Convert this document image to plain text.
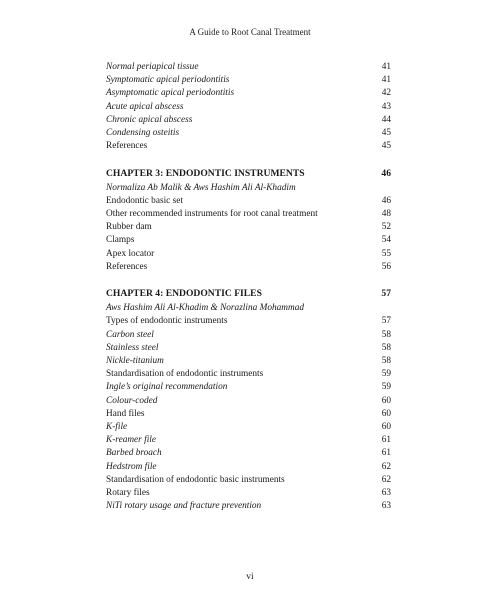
A Guide to Root Canal Treatment
Normal periapical tissue	41
Symptomatic apical periodontitis	41
Asymptomatic apical periodontitis	42
Acute apical abscess	43
Chronic apical abscess	44
Condensing osteitis	45
References	45
CHAPTER 3: ENDODONTIC INSTRUMENTS	46
Normaliza Ab Malik & Aws Hashim Ali Al-Khadim
Endodontic basic set	46
Other recommended instruments for root canal treatment	48
Rubber dam	52
Clamps	54
Apex locator	55
References	56
CHAPTER 4: ENDODONTIC FILES	57
Aws Hashim Ali Al-Khadim & Norazlina Mohammad
Types of endodontic instruments	57
Carbon steel	58
Stainless steel	58
Nickle-titanium	58
Standardisation of endodontic instruments	59
Ingle’s original recommendation	59
Colour-coded	60
Hand files	60
K-file	60
K-reamer file	61
Barbed broach	61
Hedstrom file	62
Standardisation of endodontic basic instruments	62
Rotary files	63
NiTi rotary usage and fracture prevention	63
vi
